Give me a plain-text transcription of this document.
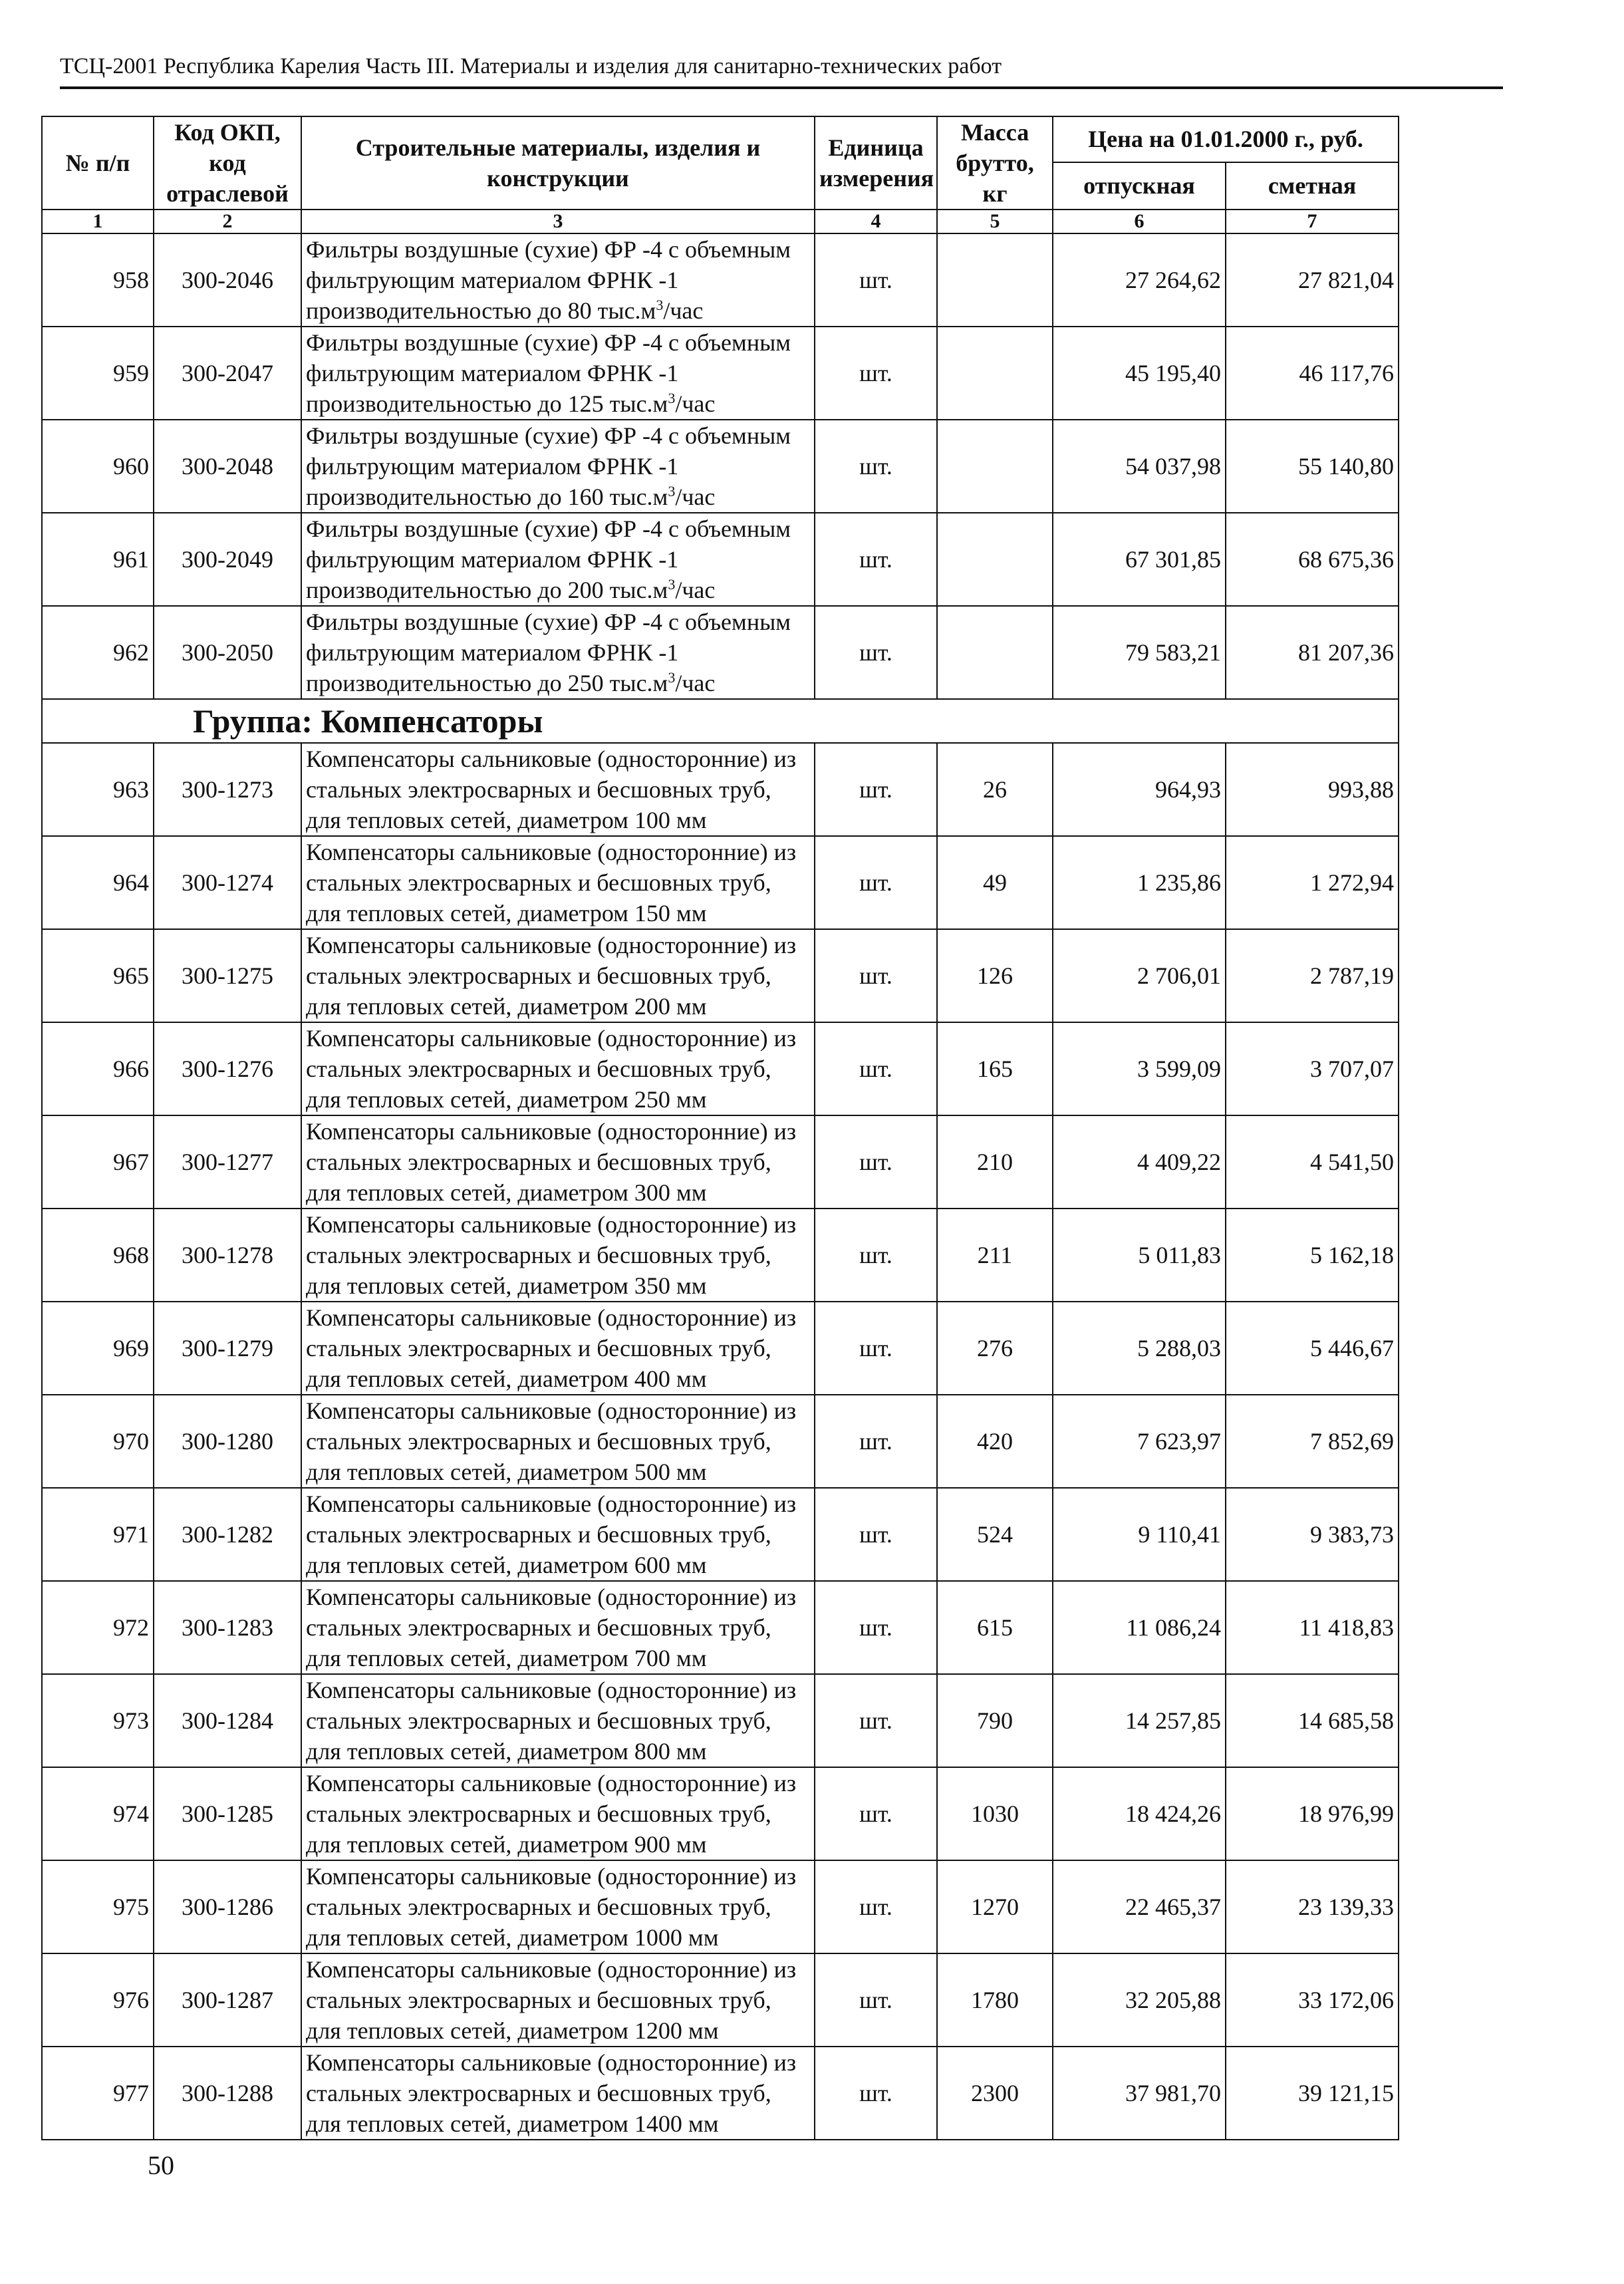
ТСЦ-2001 Республика Карелия Часть III. Материалы и изделия для санитарно-технических работ
№ п/п	Код ОКП, код отраслевой	Строительные материалы, изделия и конструкции	Единица измерения	Масса брутто, кг	Цена на 01.01.2000 г., руб.	
					отпускная	сметная
1	2	3	4	5	6	7
958	300-2046	Фильтры воздушные (сухие) ФР -4 с объемным фильтрующим материалом ФРНК -1 производительностью до 80 $тыс.м^3$/час	шт.		27 264,62	27 821,04
959	300-2047	Фильтры воздушные (сухие) ФР -4 с объемным фильтрующим материалом ФРНК -1 производительностью до 125 $тыс.м^3$/час	шт.		45 195,40	46 117,76
960	300-2048	Фильтры воздушные (сухие) ФР -4 с объемным фильтрующим материалом ФРНК -1 производительностью до 160 $тыс.м^3$/час	шт.		54 037,98	55 140,80
961	300-2049	Фильтры воздушные (сухие) ФР -4 с объемным фильтрующим материалом ФРНК -1 производительностью до 200 $тыс.м^3$/час	шт.		67 301,85	68 675,36
962	300-2050	Фильтры воздушные (сухие) ФР -4 с объемным фильтрующим материалом ФРНК -1 производительностью до 250 $тыс.м^3$/час	шт.		79 583,21	81 207,36
Группа: Компенсаторы						
963	300-1273	Компенсаторы сальниковые (односторонние) из стальных электросварных и бесшовных труб, для тепловых сетей, диаметром 100 мм	шт.	26	964,93	993,88
964	300-1274	Компенсаторы сальниковые (односторонние) из стальных электросварных и бесшовных труб, для тепловых сетей, диаметром 150 мм	шт.	49	1 235,86	1 272,94
965	300-1275	Компенсаторы сальниковые (односторонние) из стальных электросварных и бесшовных труб, для тепловых сетей, диаметром 200 мм	шт.	126	2 706,01	2 787,19
966	300-1276	Компенсаторы сальниковые (односторонние) из стальных электросварных и бесшовных труб, для тепловых сетей, диаметром 250 мм	шт.	165	3 599,09	3 707,07
967	300-1277	Компенсаторы сальниковые (односторонние) из стальных электросварных и бесшовных труб, для тепловых сетей, диаметром 300 мм	шт.	210	4 409,22	4 541,50
968	300-1278	Компенсаторы сальниковые (односторонние) из стальных электросварных и бесшовных труб, для тепловых сетей, диаметром 350 мм	шт.	211	5 011,83	5 162,18
969	300-1279	Компенсаторы сальниковые (односторонние) из стальных электросварных и бесшовных труб, для тепловых сетей, диаметром 400 мм	шт.	276	5 288,03	5 446,67
970	300-1280	Компенсаторы сальниковые (односторонние) из стальных электросварных и бесшовных труб, для тепловых сетей, диаметром 500 мм	шт.	420	7 623,97	7 852,69
971	300-1282	Компенсаторы сальниковые (односторонние) из стальных электросварных и бесшовных труб, для тепловых сетей, диаметром 600 мм	шт.	524	9 110,41	9 383,73
972	300-1283	Компенсаторы сальниковые (односторонние) из стальных электросварных и бесшовных труб, для тепловых сетей, диаметром 700 мм	шт.	615	11 086,24	11 418,83
973	300-1284	Компенсаторы сальниковые (односторонние) из стальных электросварных и бесшовных труб, для тепловых сетей, диаметром 800 мм	шт.	790	14 257,85	14 685,58
974	300-1285	Компенсаторы сальниковые (односторонние) из стальных электросварных и бесшовных труб, для тепловых сетей, диаметром 900 мм	шт.	1030	18 424,26	18 976,99
975	300-1286	Компенсаторы сальниковые (односторонние) из стальных электросварных и бесшовных труб, для тепловых сетей, диаметром 1000 мм	шт.	1270	22 465,37	23 139,33
976	300-1287	Компенсаторы сальниковые (односторонние) из стальных электросварных и бесшовных труб, для тепловых сетей, диаметром 1200 мм	шт.	1780	32 205,88	33 172,06
977	300-1288	Компенсаторы сальниковые (односторонние) из стальных электросварных и бесшовных труб, для тепловых сетей, диаметром 1400 мм	шт.	2300	37 981,70	39 121,15
50
